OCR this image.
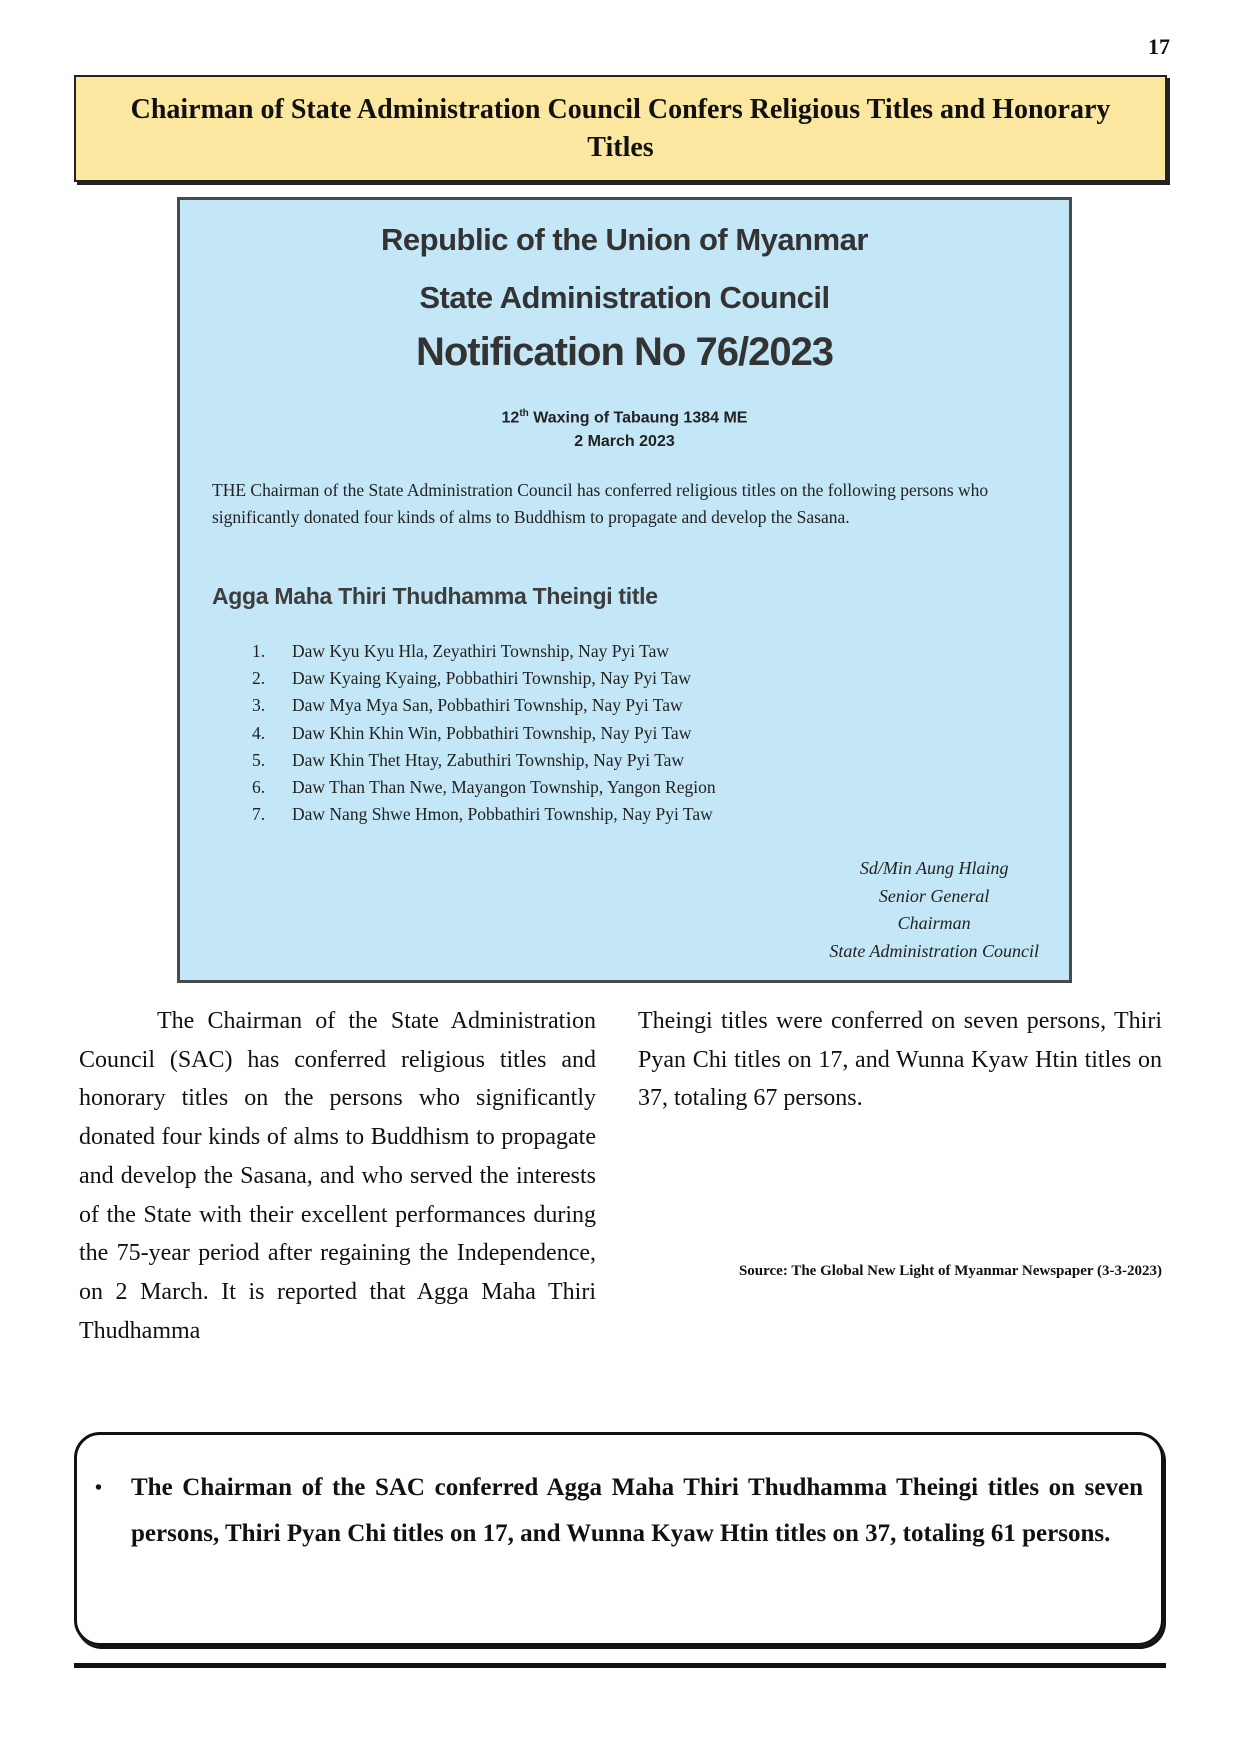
17
Chairman of State Administration Council Confers Religious Titles and Honorary Titles
Republic of the Union of Myanmar
State Administration Council
Notification No 76/2023
12th Waxing of Tabaung 1384 ME
2 March 2023
THE Chairman of the State Administration Council has conferred religious titles on the following persons who significantly donated four kinds of alms to Buddhism to propagate and develop the Sasana.
Agga Maha Thiri Thudhamma Theingi title
1.	Daw Kyu Kyu Hla, Zeyathiri Township, Nay Pyi Taw
2.	Daw Kyaing Kyaing, Pobbathiri Township, Nay Pyi Taw
3.	Daw Mya Mya San, Pobbathiri Township, Nay Pyi Taw
4.	Daw Khin Khin Win, Pobbathiri Township, Nay Pyi Taw
5.	Daw Khin Thet Htay, Zabuthiri Township, Nay Pyi Taw
6.	Daw Than Than Nwe, Mayangon Township, Yangon Region
7.	Daw Nang Shwe Hmon, Pobbathiri Township, Nay Pyi Taw
Sd/Min Aung Hlaing
Senior General
Chairman
State Administration Council

The Chairman of the State Administration Council (SAC) has conferred religious titles and honorary titles on the persons who significantly donated four kinds of alms to Buddhism to propagate and develop the Sasana, and who served the interests of the State with their excellent performances during the 75-year period after regaining the Independence, on 2 March. It is reported that Agga Maha Thiri Thudhamma

Theingi titles were conferred on seven persons, Thiri Pyan Chi titles on 17, and Wunna Kyaw Htin titles on 37, totaling 67 persons.

Source: The Global New Light of Myanmar Newspaper (3-3-2023)
•	The Chairman of the SAC conferred Agga Maha Thiri Thudhamma Theingi titles on seven persons, Thiri Pyan Chi titles on 17, and Wunna Kyaw Htin titles on 37, totaling 61 persons.
